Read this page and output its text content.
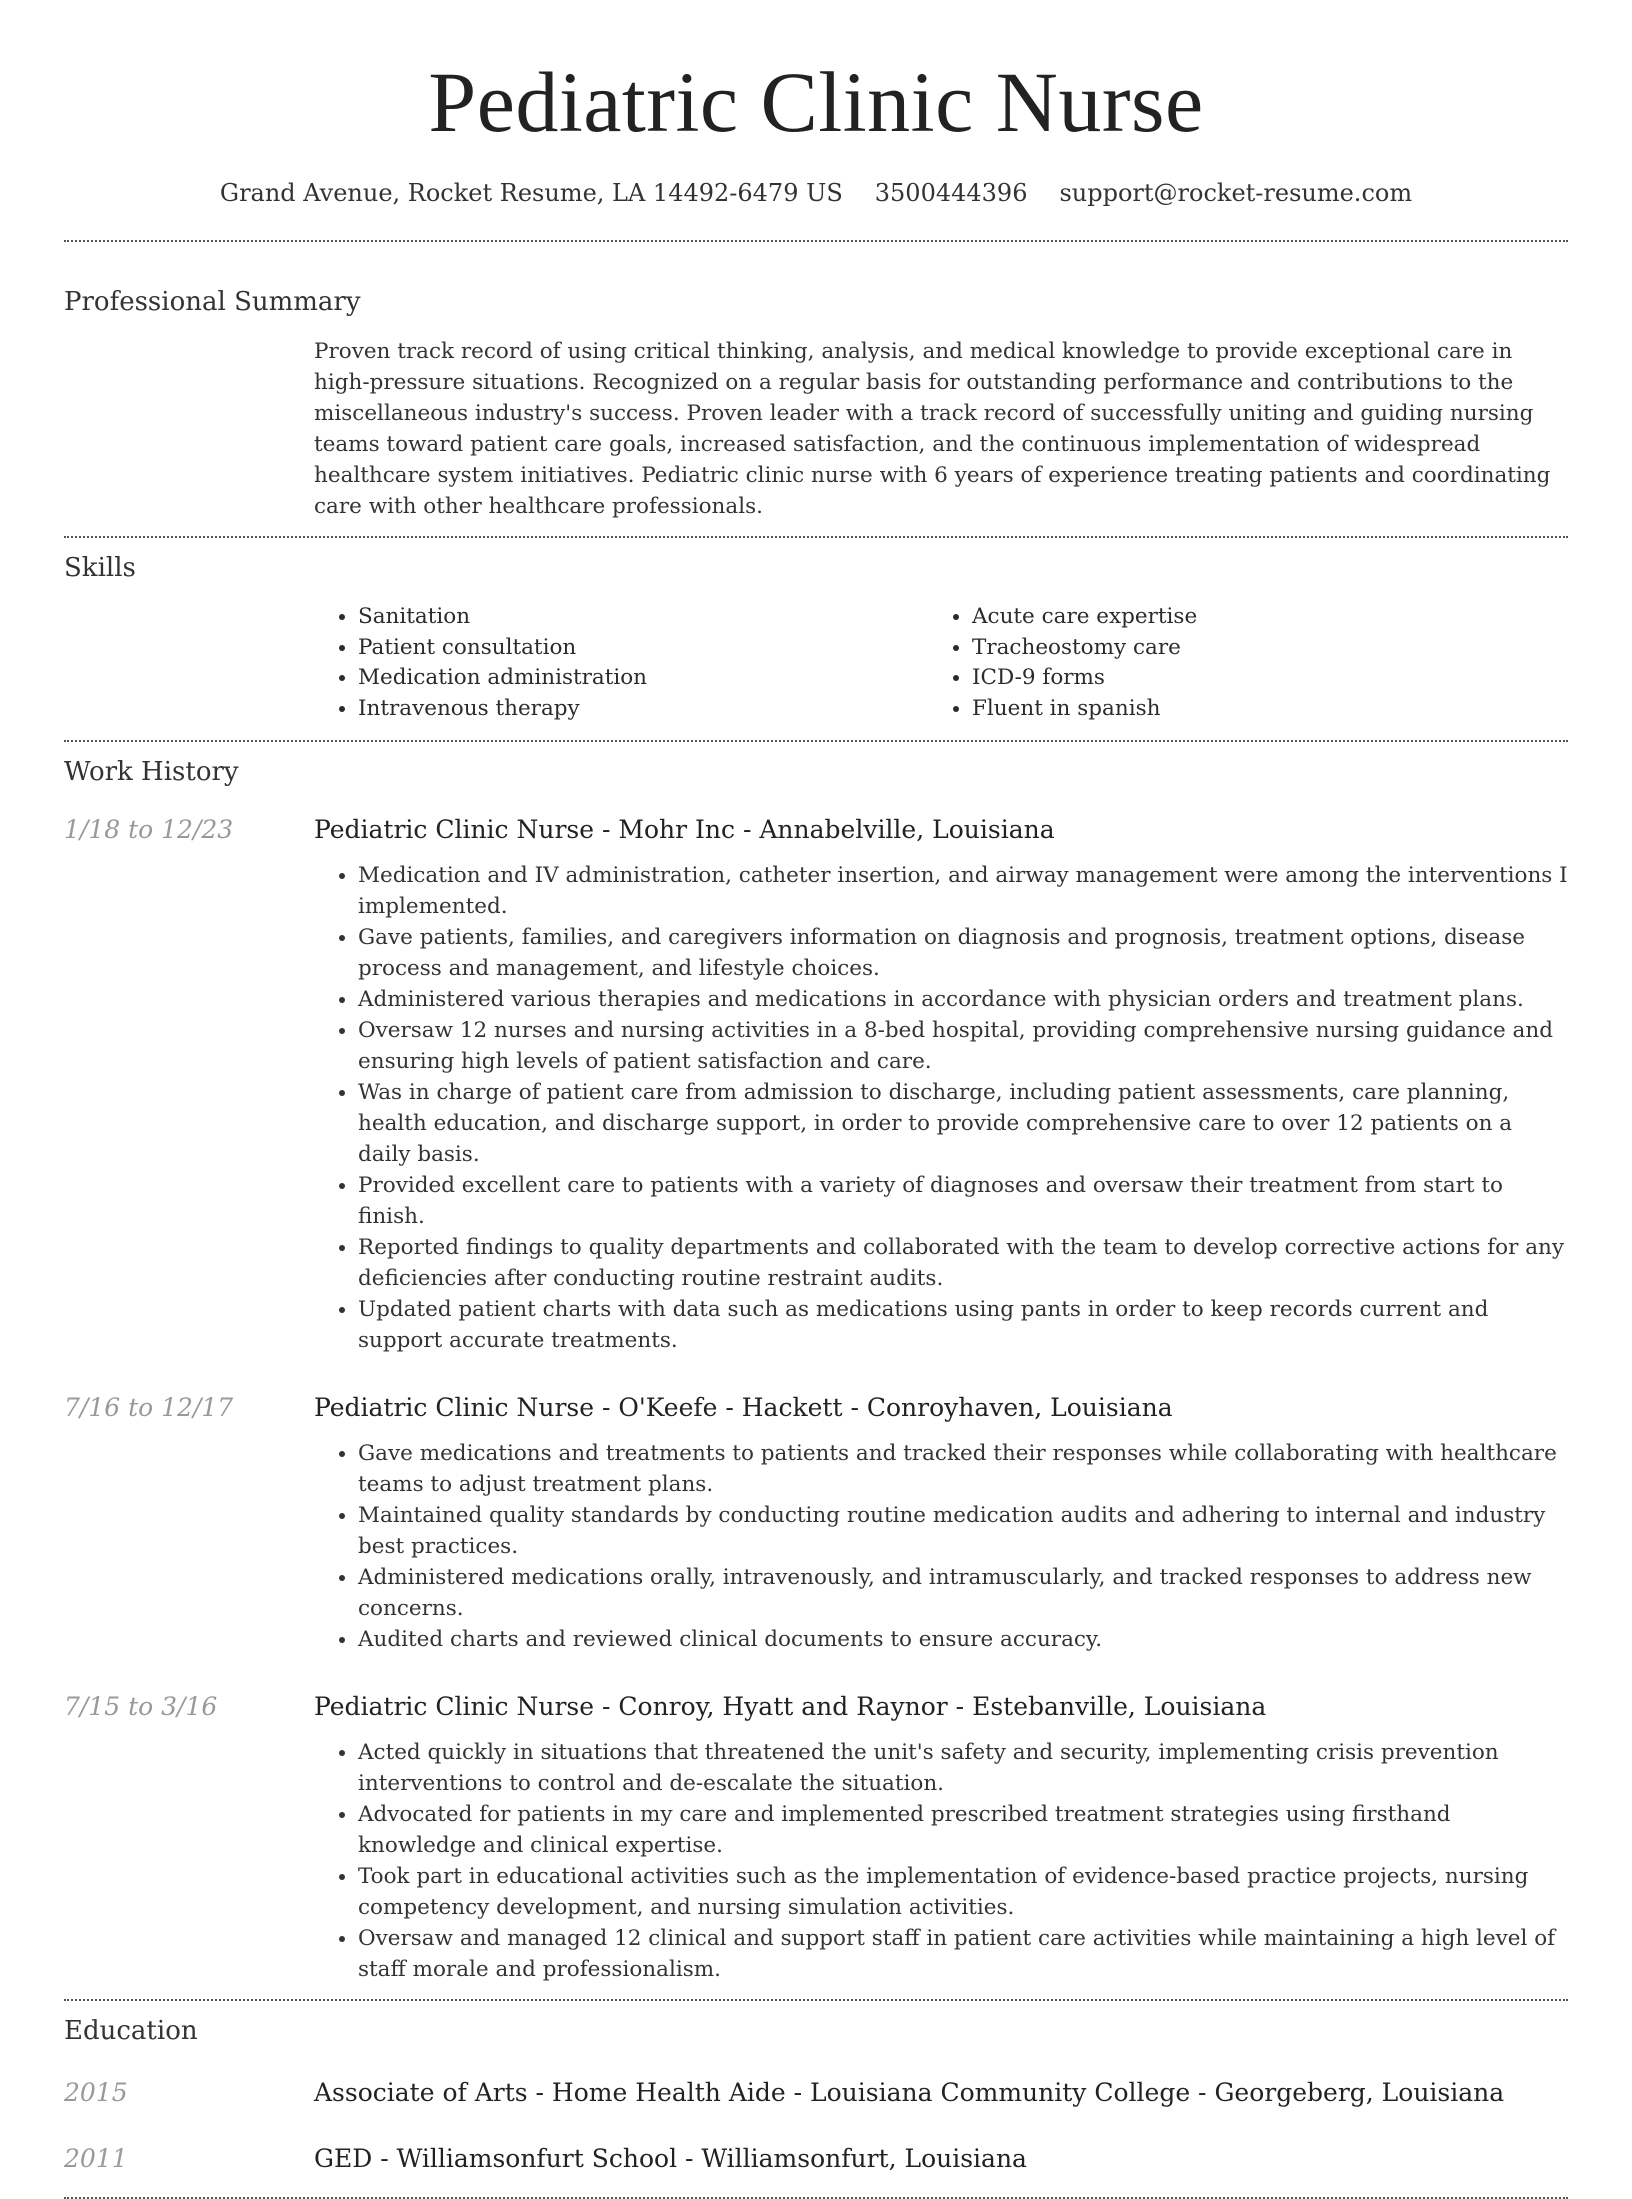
Pediatric Clinic Nurse
Grand Avenue, Rocket Resume, LA 14492-6479 US 3500444396 support@rocket-resume.com
Professional Summary

Proven track record of using critical thinking, analysis, and medical knowledge to provide exceptional care in high-pressure situations. Recognized on a regular basis for outstanding performance and contributions to the miscellaneous industry's success. Proven leader with a track record of successfully uniting and guiding nursing teams toward patient care goals, increased satisfaction, and the continuous implementation of widespread healthcare system initiatives. Pediatric clinic nurse with 6 years of experience treating patients and coordinating care with other healthcare professionals.

Skills
• Sanitation
• Patient consultation
• Medication administration
• Intravenous therapy
• Acute care expertise
• Tracheostomy care
• ICD-9 forms
• Fluent in spanish
Work History
1/18 to 12/23	Pediatric Clinic Nurse - Mohr Inc - Annabelville, Louisiana
• Medication and IV administration, catheter insertion, and airway management were among the interventions I implemented.
• Gave patients, families, and caregivers information on diagnosis and prognosis, treatment options, disease process and management, and lifestyle choices.
• Administered various therapies and medications in accordance with physician orders and treatment plans.
• Oversaw 12 nurses and nursing activities in a 8-bed hospital, providing comprehensive nursing guidance and ensuring high levels of patient satisfaction and care.
• Was in charge of patient care from admission to discharge, including patient assessments, care planning, health education, and discharge support, in order to provide comprehensive care to over 12 patients on a daily basis.
• Provided excellent care to patients with a variety of diagnoses and oversaw their treatment from start to finish.
• Reported findings to quality departments and collaborated with the team to develop corrective actions for any deficiencies after conducting routine restraint audits.
• Updated patient charts with data such as medications using pants in order to keep records current and support accurate treatments.
7/16 to 12/17	Pediatric Clinic Nurse - O'Keefe - Hackett - Conroyhaven, Louisiana
• Gave medications and treatments to patients and tracked their responses while collaborating with healthcare teams to adjust treatment plans.
• Maintained quality standards by conducting routine medication audits and adhering to internal and industry best practices.
• Administered medications orally, intravenously, and intramuscularly, and tracked responses to address new concerns.
• Audited charts and reviewed clinical documents to ensure accuracy.
7/15 to 3/16	Pediatric Clinic Nurse - Conroy, Hyatt and Raynor - Estebanville, Louisiana
• Acted quickly in situations that threatened the unit's safety and security, implementing crisis prevention interventions to control and de-escalate the situation.
• Advocated for patients in my care and implemented prescribed treatment strategies using firsthand knowledge and clinical expertise.
• Took part in educational activities such as the implementation of evidence-based practice projects, nursing competency development, and nursing simulation activities.
• Oversaw and managed 12 clinical and support staff in patient care activities while maintaining a high level of staff morale and professionalism.
Education
2015	Associate of Arts - Home Health Aide - Louisiana Community College - Georgeberg, Louisiana
2011	GED - Williamsonfurt School - Williamsonfurt, Louisiana
